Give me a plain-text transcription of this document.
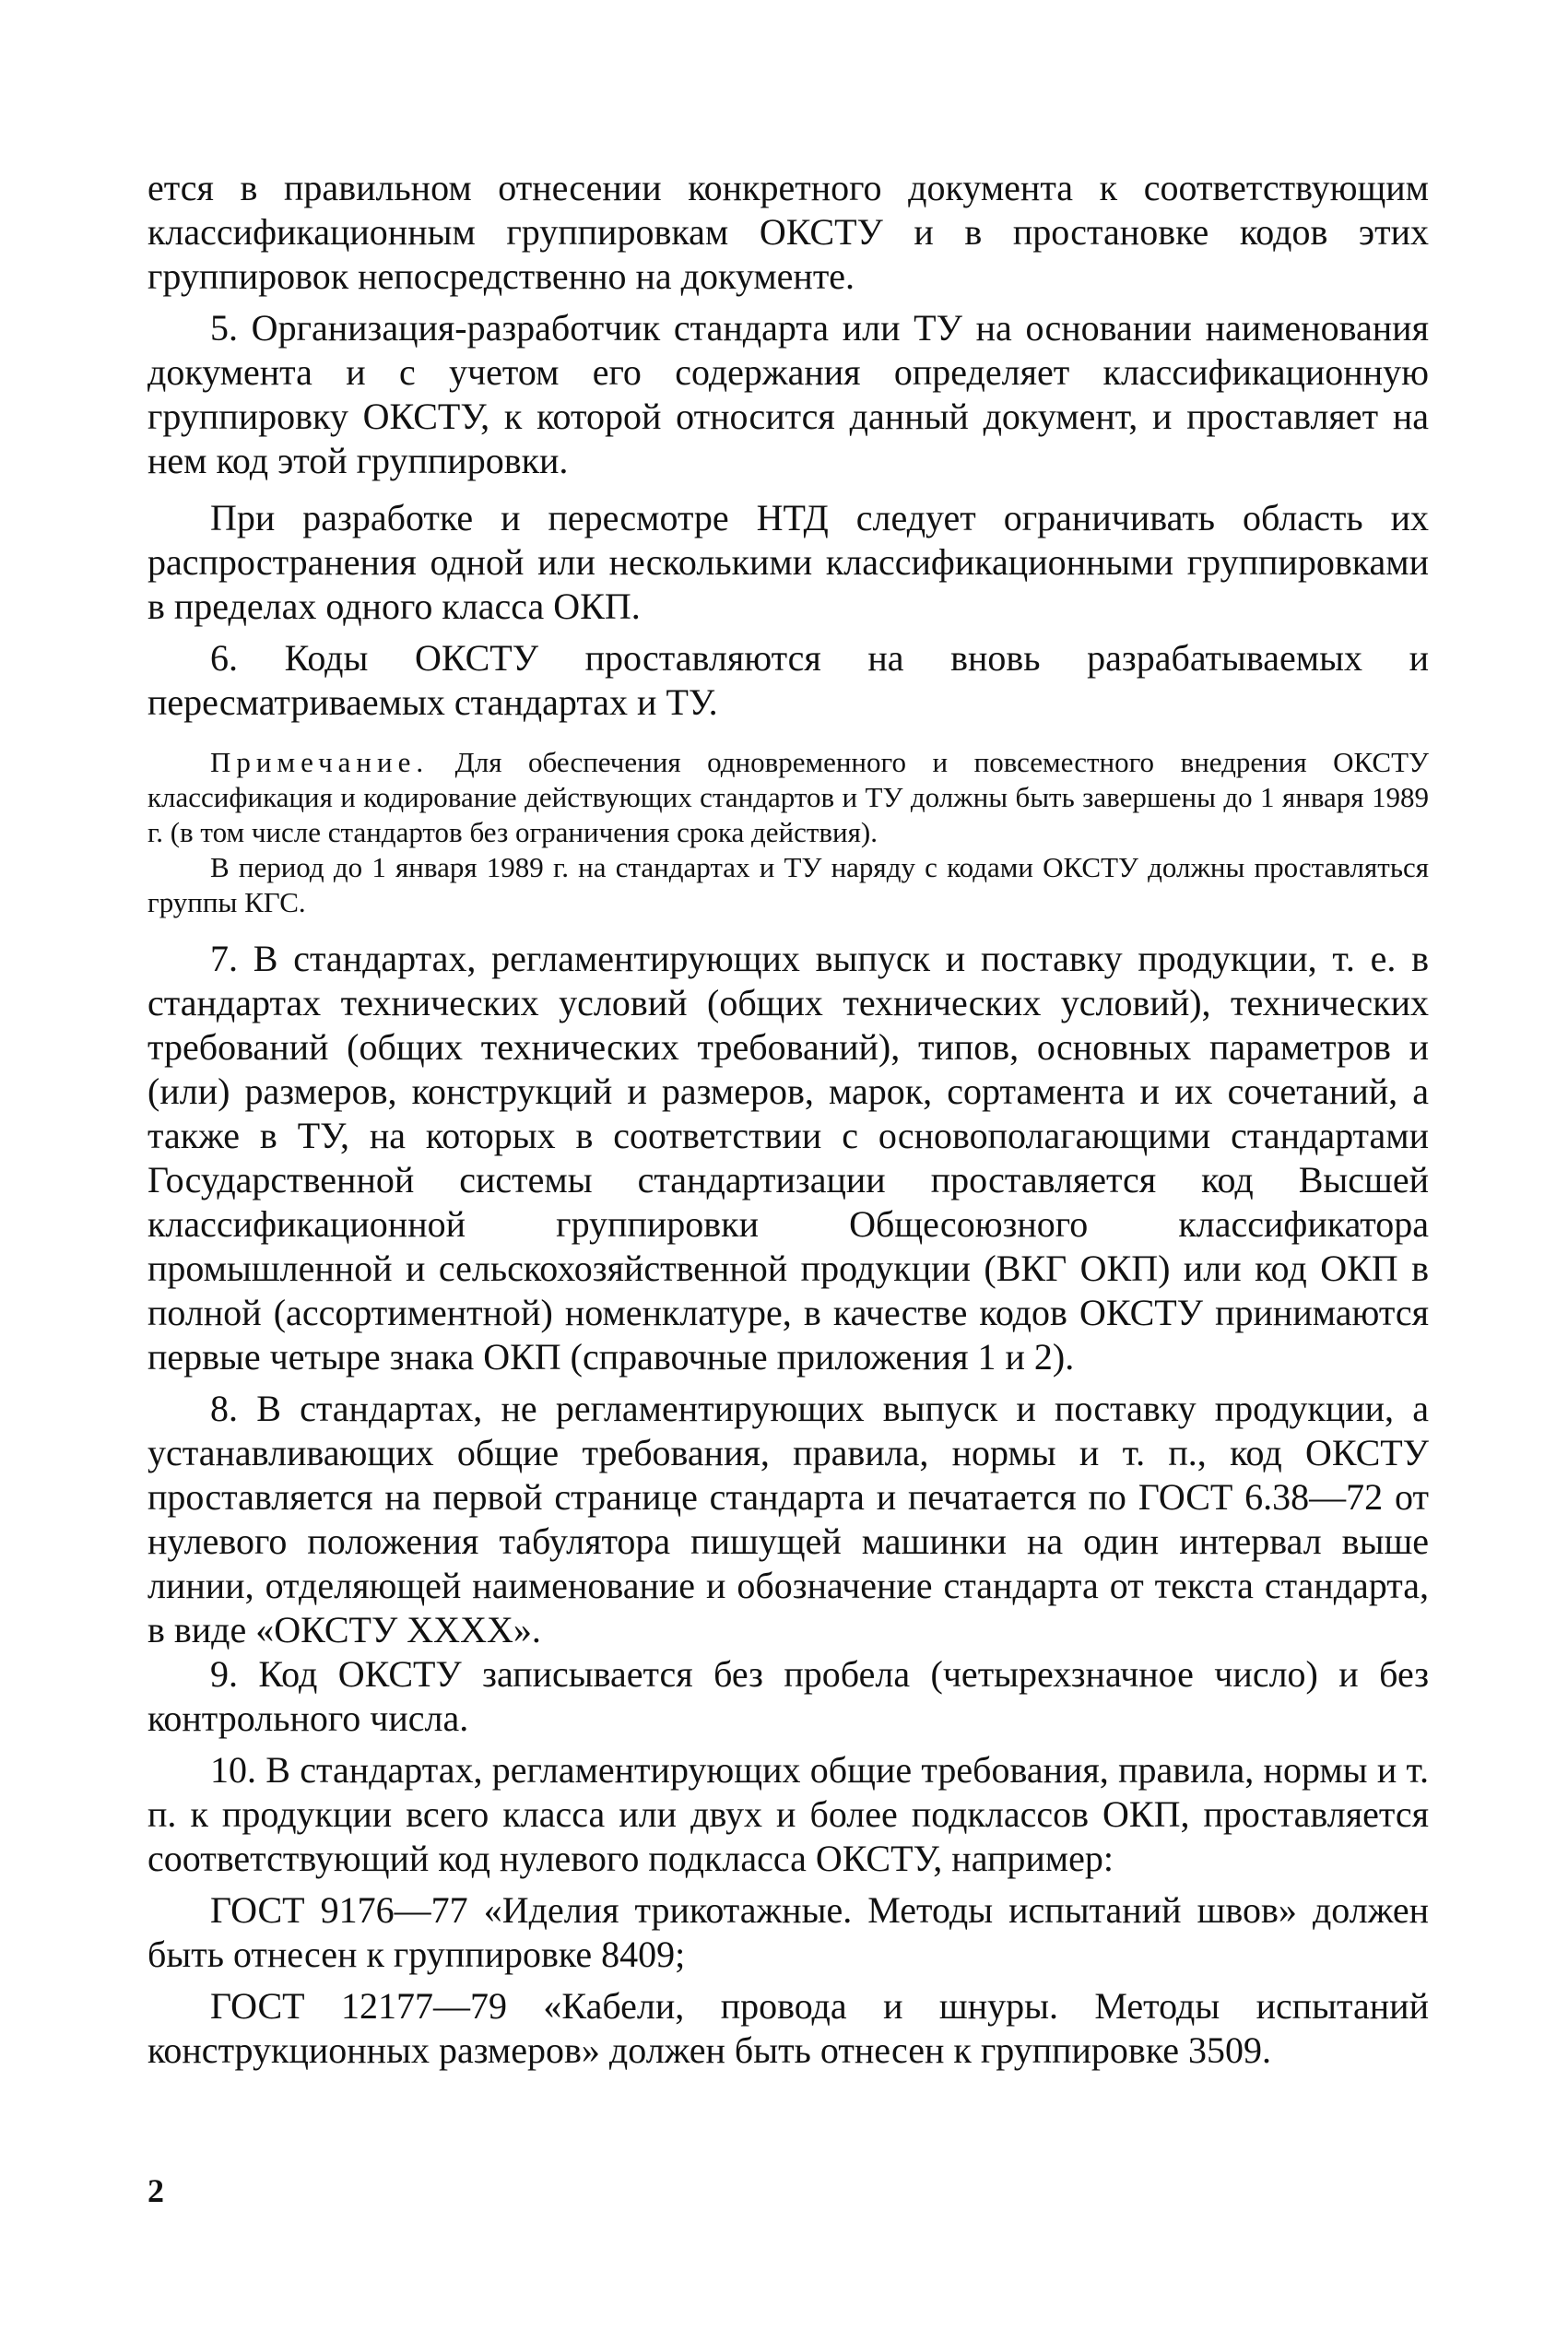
ется в правильном отнесении конкретного документа к соответствующим классификационным группировкам ОКСТУ и в простановке кодов этих группировок непосредственно на документе.

5. Организация-разработчик стандарта или ТУ на основании наименования документа и с учетом его содержания определяет классификационную группировку ОКСТУ, к которой относится данный документ, и проставляет на нем код этой группировки.

При разработке и пересмотре НТД следует ограничивать область их распространения одной или несколькими классификационными группировками в пределах одного класса ОКП.

6. Коды ОКСТУ проставляются на вновь разрабатываемых и пересматриваемых стандартах и ТУ.

Примечание. Для обеспечения одновременного и повсеместного внедрения ОКСТУ классификация и кодирование действующих стандартов и ТУ должны быть завершены до 1 января 1989 г. (в том числе стандартов без ограничения срока действия).

В период до 1 января 1989 г. на стандартах и ТУ наряду с кодами ОКСТУ должны проставляться группы КГС.

7. В стандартах, регламентирующих выпуск и поставку продукции, т. е. в стандартах технических условий (общих технических условий), технических требований (общих технических требований), типов, основных параметров и (или) размеров, конструкций и размеров, марок, сортамента и их сочетаний, а также в ТУ, на которых в соответствии с основополагающими стандартами Государственной системы стандартизации проставляется код Высшей классификационной группировки Общесоюзного классификатора промышленной и сельскохозяйственной продукции (ВКГ ОКП) или код ОКП в полной (ассортиментной) номенклатуре, в качестве кодов ОКСТУ принимаются первые четыре знака ОКП (справочные приложения 1 и 2).

8. В стандартах, не регламентирующих выпуск и поставку продукции, а устанавливающих общие требования, правила, нормы и т. п., код ОКСТУ проставляется на первой странице стандарта и печатается по ГОСТ 6.38—72 от нулевого положения табулятора пишущей машинки на один интервал выше линии, отделяющей наименование и обозначение стандарта от текста стандарта, в виде «ОКСТУ XXXX».

9. Код ОКСТУ записывается без пробела (четырехзначное число) и без контрольного числа.

10. В стандартах, регламентирующих общие требования, правила, нормы и т. п. к продукции всего класса или двух и более подклассов ОКП, проставляется соответствующий код нулевого подкласса ОКСТУ, например:

ГОСТ 9176—77 «Иделия трикотажные. Методы испытаний швов» должен быть отнесен к группировке 8409;

ГОСТ 12177—79 «Кабели, провода и шнуры. Методы испытаний конструкционных размеров» должен быть отнесен к группировке 3509.

2
